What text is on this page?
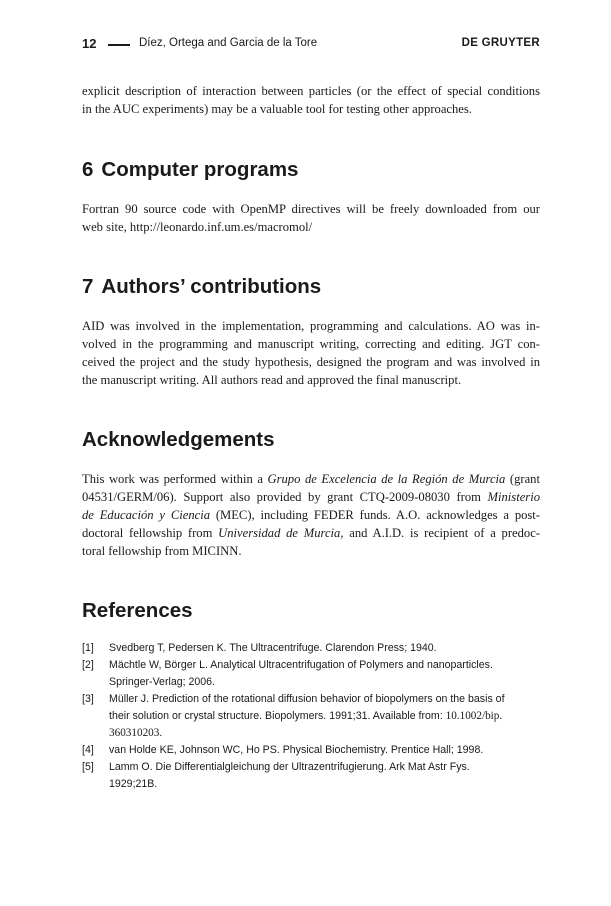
12	Díez, Ortega and Garcia de la Tore	DE GRUYTER
explicit description of interaction between particles (or the effect of special conditions
in the AUC experiments) may be a valuable tool for testing other approaches.
6 Computer programs
Fortran 90 source code with OpenMP directives will be freely downloaded from our
web site, http://leonardo.inf.um.es/macromol/
7 Authors’ contributions
AID was involved in the implementation, programming and calculations. AO was in-
volved in the programming and manuscript writing, correcting and editing. JGT con-
ceived the project and the study hypothesis, designed the program and was involved in
the manuscript writing. All authors read and approved the final manuscript.
Acknowledgements
This work was performed within a Grupo de Excelencia de la Región de Murcia (grant
04531/GERM/06). Support also provided by grant CTQ-2009-08030 from Ministerio
de Educación y Ciencia (MEC), including FEDER funds. A.O. acknowledges a post-
doctoral fellowship from Universidad de Murcia, and A.I.D. is recipient of a predoc-
toral fellowship from MICINN.
References
[1] Svedberg T, Pedersen K. The Ultracentrifuge. Clarendon Press; 1940.
[2] Mächtle W, Börger L. Analytical Ultracentrifugation of Polymers and nanoparticles.
Springer-Verlag; 2006.
[3] Müller J. Prediction of the rotational diffusion behavior of biopolymers on the basis of
their solution or crystal structure. Biopolymers. 1991;31. Available from: 10.1002/bip.
360310203.
[4] van Holde KE, Johnson WC, Ho PS. Physical Biochemistry. Prentice Hall; 1998.
[5] Lamm O. Die Differentialgleichung der Ultrazentrifugierung. Ark Mat Astr Fys.
1929;21B.
